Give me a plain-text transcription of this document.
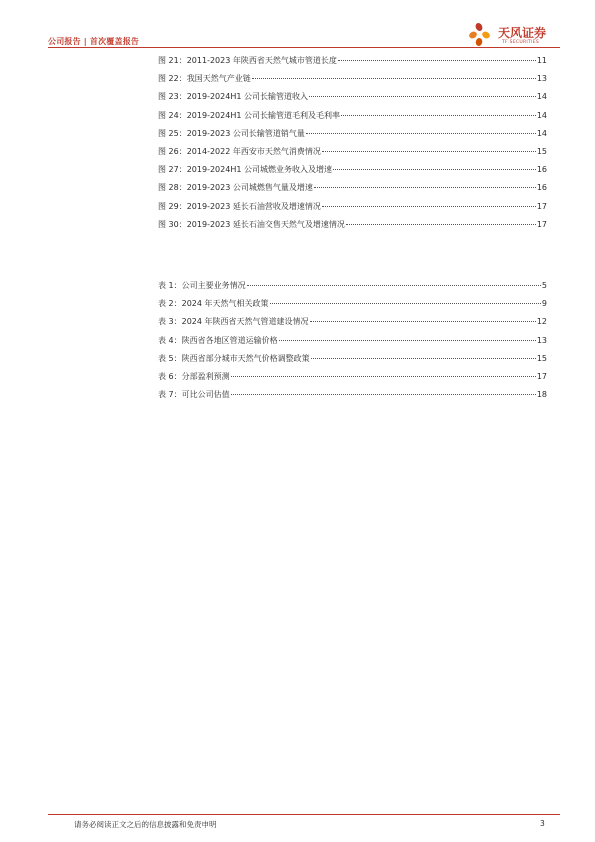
公司报告 | 首次覆盖报告
天风证券
TF SECURITIES
图 21：2011-2023 年陕西省天然气城市管道长度	11
图 22：我国天然气产业链	13
图 23：2019-2024H1 公司长输管道收入	14
图 24：2019-2024H1 公司长输管道毛利及毛利率	14
图 25：2019-2023 公司长输管道销气量	14
图 26：2014-2022 年西安市天然气消费情况	15
图 27：2019-2024H1 公司城燃业务收入及增速	16
图 28：2019-2023 公司城燃售气量及增速	16
图 29：2019-2023 延长石油营收及增速情况	17
图 30：2019-2023 延长石油交售天然气及增速情况	17
表 1：公司主要业务情况	5
表 2：2024 年天然气相关政策	9
表 3：2024 年陕西省天然气管道建设情况	12
表 4：陕西省各地区管道运输价格	13
表 5：陕西省部分城市天然气价格调整政策	15
表 6：分部盈利预测	17
表 7：可比公司估值	18
请务必阅读正文之后的信息披露和免责申明	3
